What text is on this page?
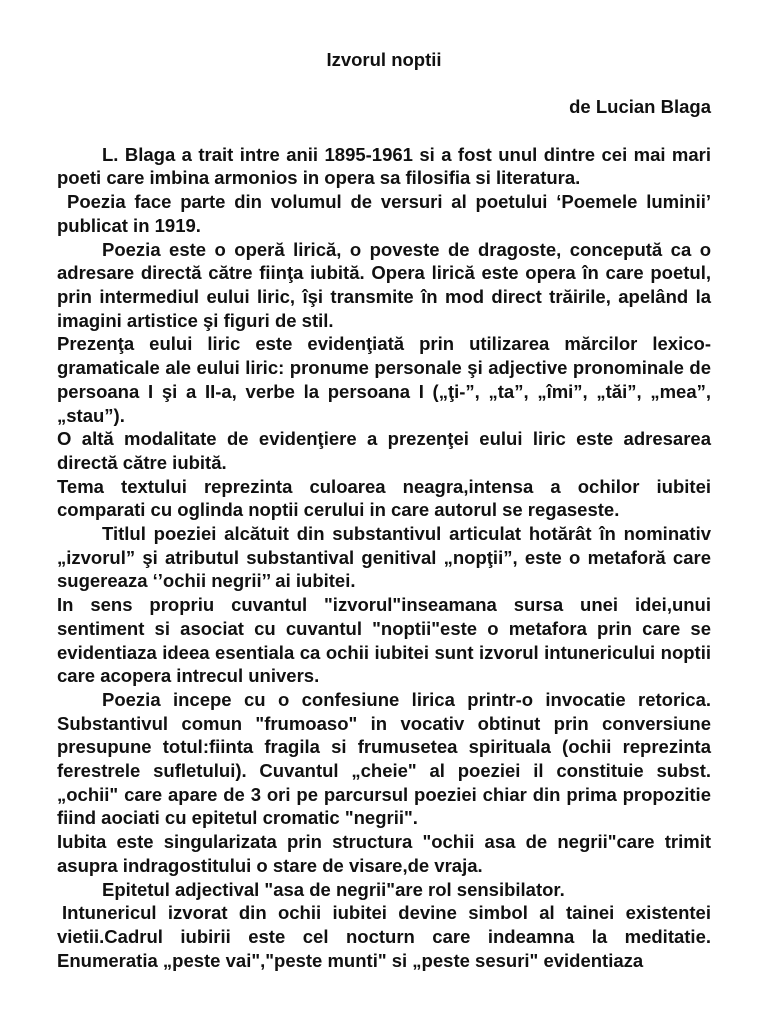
Izvorul noptii

de Lucian Blaga

L. Blaga a trait intre anii 1895-1961 si a fost unul dintre cei mai mari poeti care imbina armonios in opera sa filosifia si literatura.

Poezia face parte din volumul de versuri al poetului ‘Poemele luminii’ publicat in 1919.

Poezia este o operă lirică, o poveste de dragoste, concepută ca o adresare directă către fiinţa iubită. Opera lirică este opera în care poetul, prin intermediul eului liric, îşi transmite în mod direct trăirile, apelând la imagini artistice şi figuri de stil.

Prezenţa eului liric este evidenţiată prin utilizarea mărcilor lexico-gramaticale ale eului liric: pronume personale şi adjective pronominale de persoana I şi a II-a, verbe la persoana I („ţi-”, „ta”, „îmi”, „tăi”, „mea”, „stau”).

O altă modalitate de evidenţiere a prezenţei eului liric este adresarea directă către iubită.

Tema textului reprezinta culoarea neagra,intensa a ochilor iubitei comparati cu oglinda noptii cerului in care autorul se regaseste.

Titlul poeziei alcătuit din substantivul articulat hotărât în nominativ „izvorul” şi atributul substantival genitival „nopţii”, este o metaforă care sugereaza ‘’ochii negrii’’ ai iubitei.

In sens propriu cuvantul "izvorul"inseamana sursa unei idei,unui sentiment si asociat cu cuvantul "noptii"este o metafora prin care se evidentiaza ideea esentiala ca ochii iubitei sunt izvorul intunericului noptii care acopera intrecul univers.

Poezia incepe cu o confesiune lirica printr-o invocatie retorica. Substantivul comun "frumoaso" in vocativ obtinut prin conversiune presupune totul:fiinta fragila si frumusetea spirituala (ochii reprezinta ferestrele sufletului). Cuvantul „cheie" al poeziei il constituie subst. „ochii" care apare de 3 ori pe parcursul poeziei chiar din prima propozitie fiind aociati cu epitetul cromatic "negrii".

Iubita este singularizata prin structura "ochii asa de negrii"care trimit asupra indragostitului o stare de visare,de vraja.

Epitetul adjectival "asa de negrii"are rol sensibilator.

Intunericul izvorat din ochii iubitei devine simbol al tainei existentei vietii.Cadrul iubirii este cel nocturn care indeamna la meditatie. Enumeratia „peste vai","peste munti" si „peste sesuri" evidentiaza
